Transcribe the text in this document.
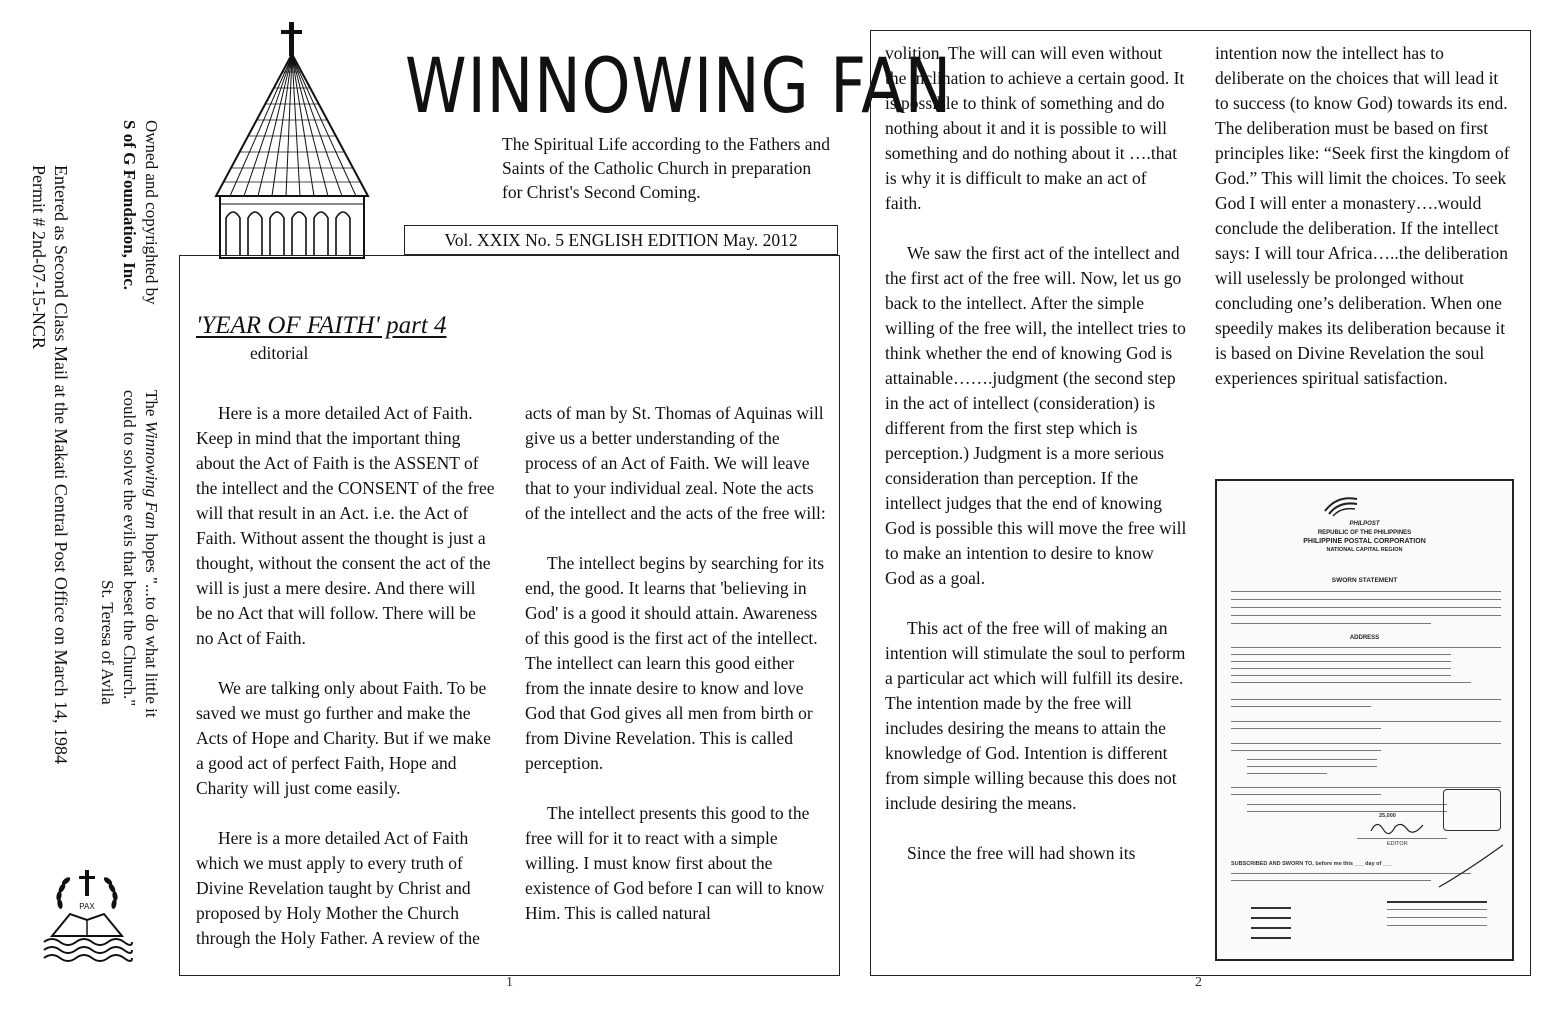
Owned and copyrighted by
S of G Foundation, Inc.
The Winnowing Fan hopes "...to do what little it
could to solve the evils that beset the Church."
St. Teresa of Avila
Entered as Second Class Mail at the Makati Central Post Office on March 14, 1984
Permit # 2nd-07-15-NCR
WINNOWING FAN
The Spiritual Life according to the Fathers and Saints of the Catholic Church in preparation for Christ's Second Coming.
Vol. XXIX No. 5 ENGLISH EDITION May. 2012
'YEAR OF FAITH' part 4
editorial

Here is a more detailed Act of Faith. Keep in mind that the important thing about the Act of Faith is the ASSENT of the intellect and the CONSENT of the free will that result in an Act. i.e. the Act of Faith. Without assent the thought is just a thought, without the consent the act of the will is just a mere desire. And there will be no Act that will follow. There will be no Act of Faith.

We are talking only about Faith. To be saved we must go further and make the Acts of Hope and Charity. But if we make a good act of perfect Faith, Hope and Charity will just come easily.

Here is a more detailed Act of Faith which we must apply to every truth of Divine Revelation taught by Christ and proposed by Holy Mother the Church through the Holy Father. A review of the

acts of man by St. Thomas of Aquinas will give us a better understanding of the process of an Act of Faith. We will leave that to your individual zeal. Note the acts of the intellect and the acts of the free will:

The intellect begins by searching for its end, the good. It learns that 'believing in God' is a good it should attain. Awareness of this good is the first act of the intellect. The intellect can learn this good either from the innate desire to know and love God that God gives all men from birth or from Divine Revelation. This is called perception.

The intellect presents this good to the free will for it to react with a simple willing. I must know first about the existence of God before I can will to know Him. This is called natural

PAX
1

volition. The will can will even without the inclination to achieve a certain good. It is possible to think of something and do nothing about it and it is possible to will something and do nothing about it ….that is why it is difficult to make an act of faith.

We saw the first act of the intellect and the first act of the free will. Now, let us go back to the intellect. After the simple willing of the free will, the intellect tries to think whether the end of knowing God is attainable…….judgment (the second step in the act of intellect (consideration) is different from the first step which is perception.) Judgment is a more serious consideration than perception. If the intellect judges that the end of knowing God is possible this will move the free will to make an intention to desire to know God as a goal.

This act of the free will of making an intention will stimulate the soul to perform a particular act which will fulfill its desire. The intention made by the free will includes desiring the means to attain the knowledge of God. Intention is different from simple willing because this does not include desiring the means.

Since the free will had shown its

intention now the intellect has to deliberate on the choices that will lead it to success (to know God) towards its end. The deliberation must be based on first principles like: “Seek first the kingdom of God.” This will limit the choices. To seek God I will enter a monastery….would conclude the deliberation. If the intellect says: I will tour Africa…..the deliberation will uselessly be prolonged without concluding one’s deliberation. When one speedily makes its deliberation because it is based on Divine Revelation the soul experiences spiritual satisfaction.

PHILPOST
REPUBLIC OF THE PHILIPPINES
PHILIPPINE POSTAL CORPORATION
NATIONAL CAPITAL REGION
SWORN STATEMENT
ADDRESS
25,000
EDITOR
SUBSCRIBED AND SWORN TO, before me this ___ day of ___
2
